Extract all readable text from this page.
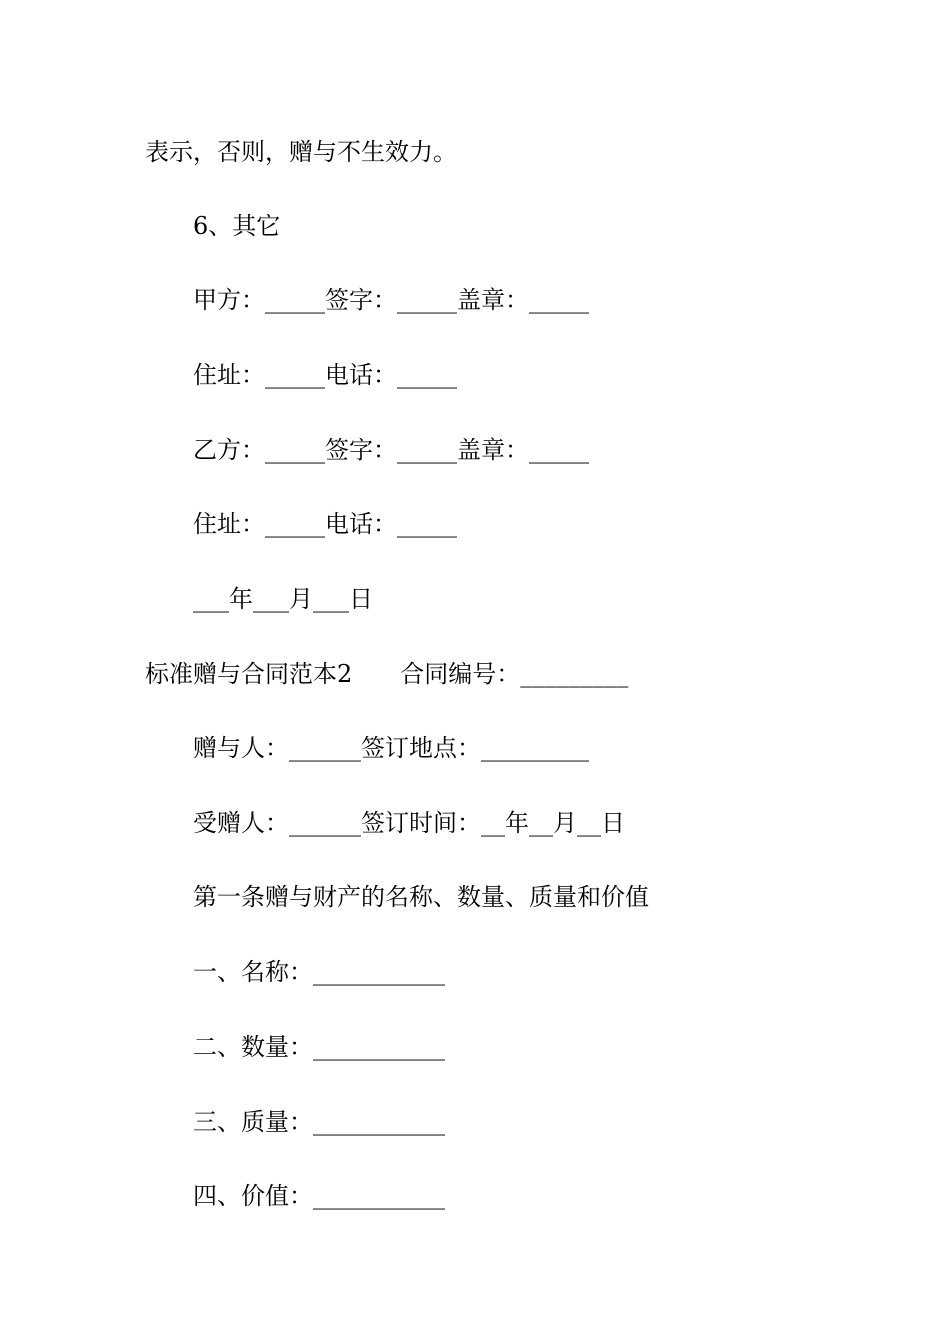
表示，否则，赠与不生效力。
6、其它
甲方：_____签字：_____盖章：_____
住址：_____电话：_____
乙方：_____签字：_____盖章：_____
住址：_____电话：_____
___年___月___日
标准赠与合同范本2　　合同编号：_________
赠与人：______签订地点：_________
受赠人：______签订时间：__年__月__日
第一条赠与财产的名称、数量、质量和价值
一、名称：___________
二、数量：___________
三、质量：___________
四、价值：___________
